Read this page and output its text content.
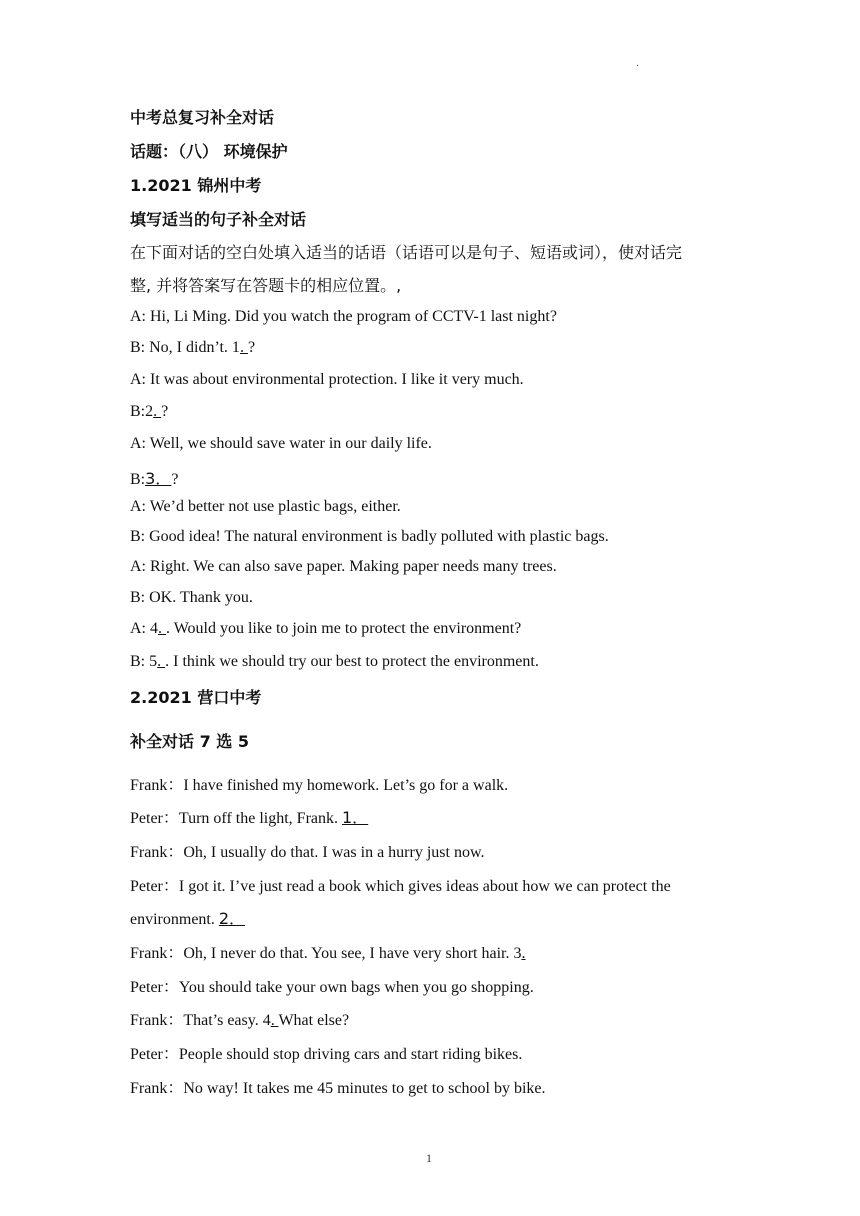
.
中考总复习补全对话
话题：（八） 环境保护
1.2021 锦州中考
填写适当的句子补全对话
在下面对话的空白处填入适当的话语（话语可以是句子、短语或词），使对话完
整, 并将答案写在答题卡的相应位置。,
A: Hi, Li Ming. Did you watch the program of CCTV-1 last night?
B: No, I didn’t. 1. ?
A: It was about environmental protection. I like it very much.
B:2. ?
A: Well, we should save water in our daily life.
B:3．?
A: We’d better not use plastic bags, either.
B: Good idea! The natural environment is badly polluted with plastic bags.
A: Right. We can also save paper. Making paper needs many trees.
B: OK. Thank you.
A: 4. . Would you like to join me to protect the environment?
B: 5. . I think we should try our best to protect the environment.
2.2021 营口中考
补全对话 7 选 5
Frank：I have finished my homework. Let’s go for a walk.
Peter：Turn off the light, Frank. 1．
Frank：Oh, I usually do that. I was in a hurry just now.
Peter：I got it. I’ve just read a book which gives ideas about how we can protect the
environment. 2．
Frank：Oh, I never do that. You see, I have very short hair. 3.
Peter：You should take your own bags when you go shopping.
Frank：That’s easy. 4. What else?
Peter：People should stop driving cars and start riding bikes.
Frank：No way! It takes me 45 minutes to get to school by bike.
1
